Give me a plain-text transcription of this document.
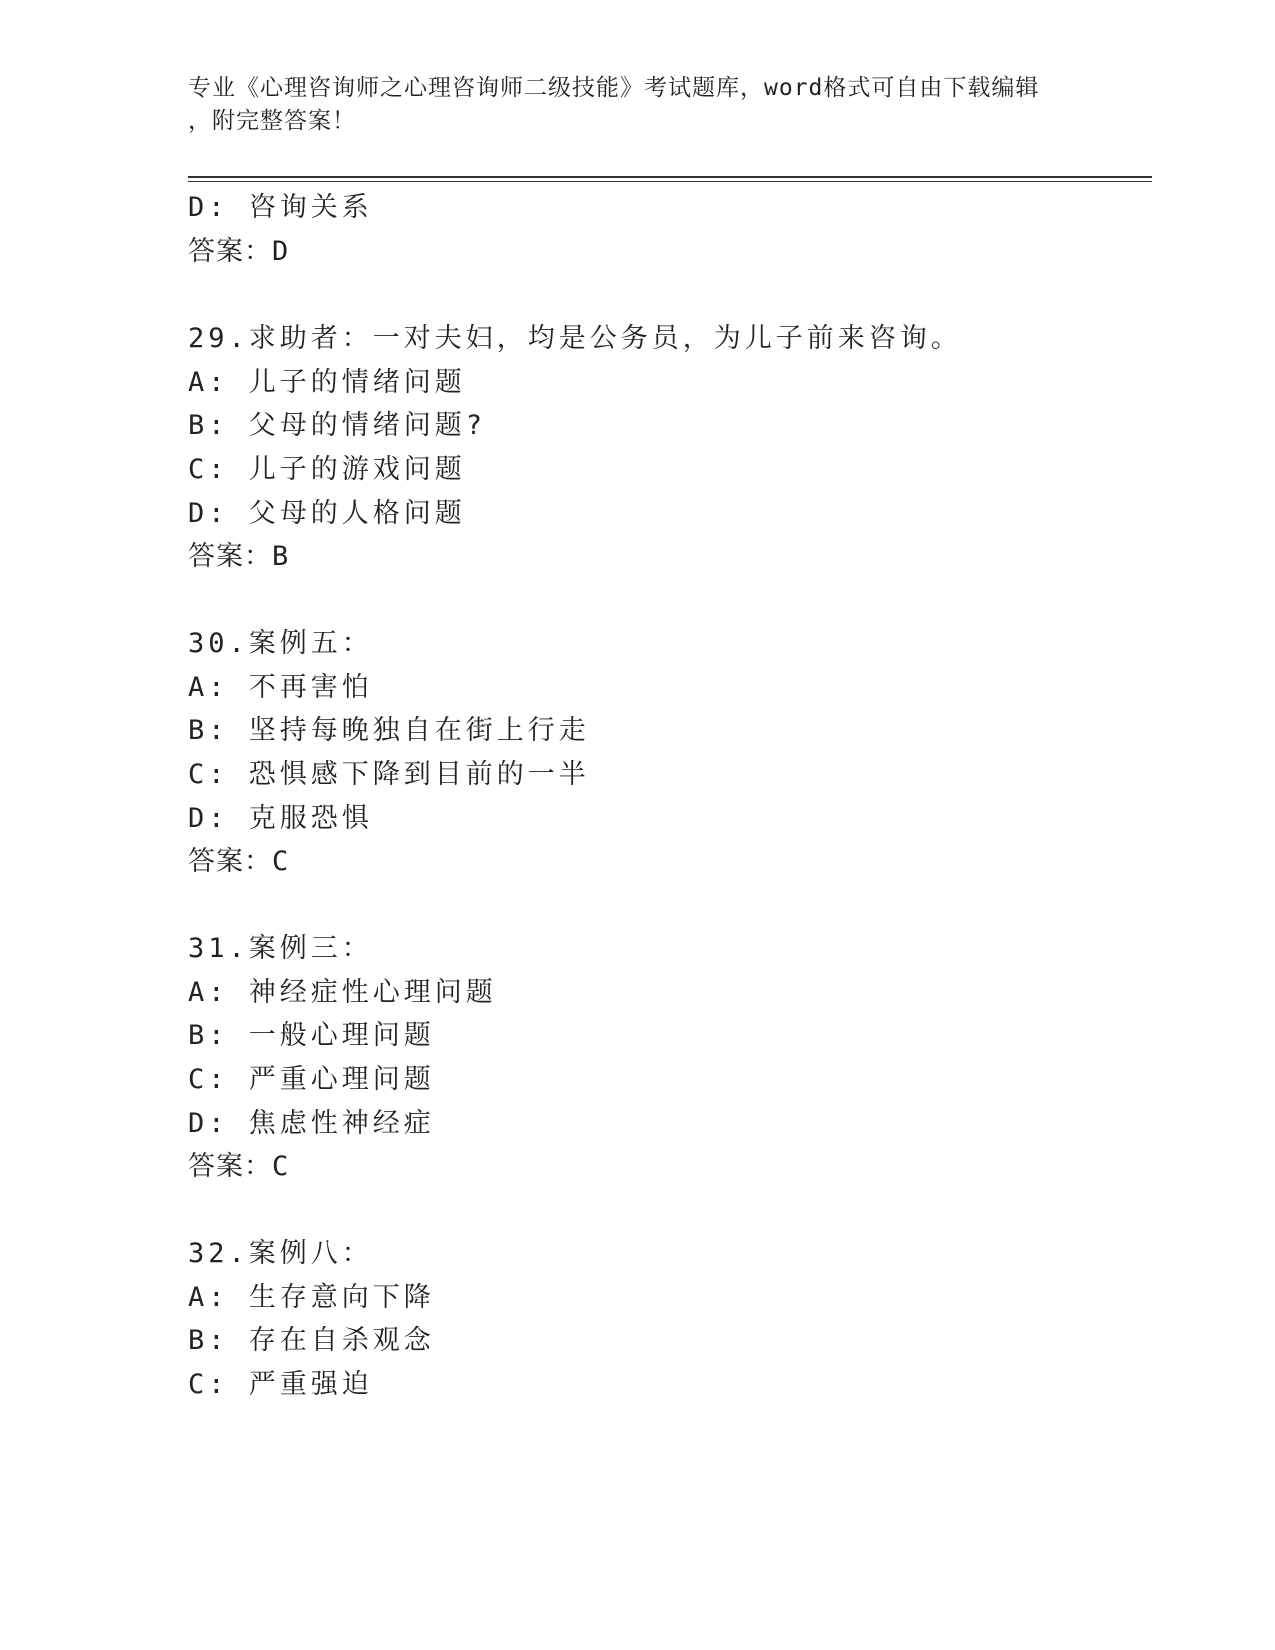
专业《心理咨询师之心理咨询师二级技能》考试题库，word格式可自由下载编辑
，附完整答案！
D: 咨询关系
答案：D
29.求助者：一对夫妇，均是公务员，为儿子前来咨询。
A: 儿子的情绪问题
B: 父母的情绪问题?
C: 儿子的游戏问题
D: 父母的人格问题
答案：B
30.案例五：
A: 不再害怕
B: 坚持每晚独自在街上行走
C: 恐惧感下降到目前的一半
D: 克服恐惧
答案：C
31.案例三：
A: 神经症性心理问题
B: 一般心理问题
C: 严重心理问题
D: 焦虑性神经症
答案：C
32.案例八：
A: 生存意向下降
B: 存在自杀观念
C: 严重强迫
